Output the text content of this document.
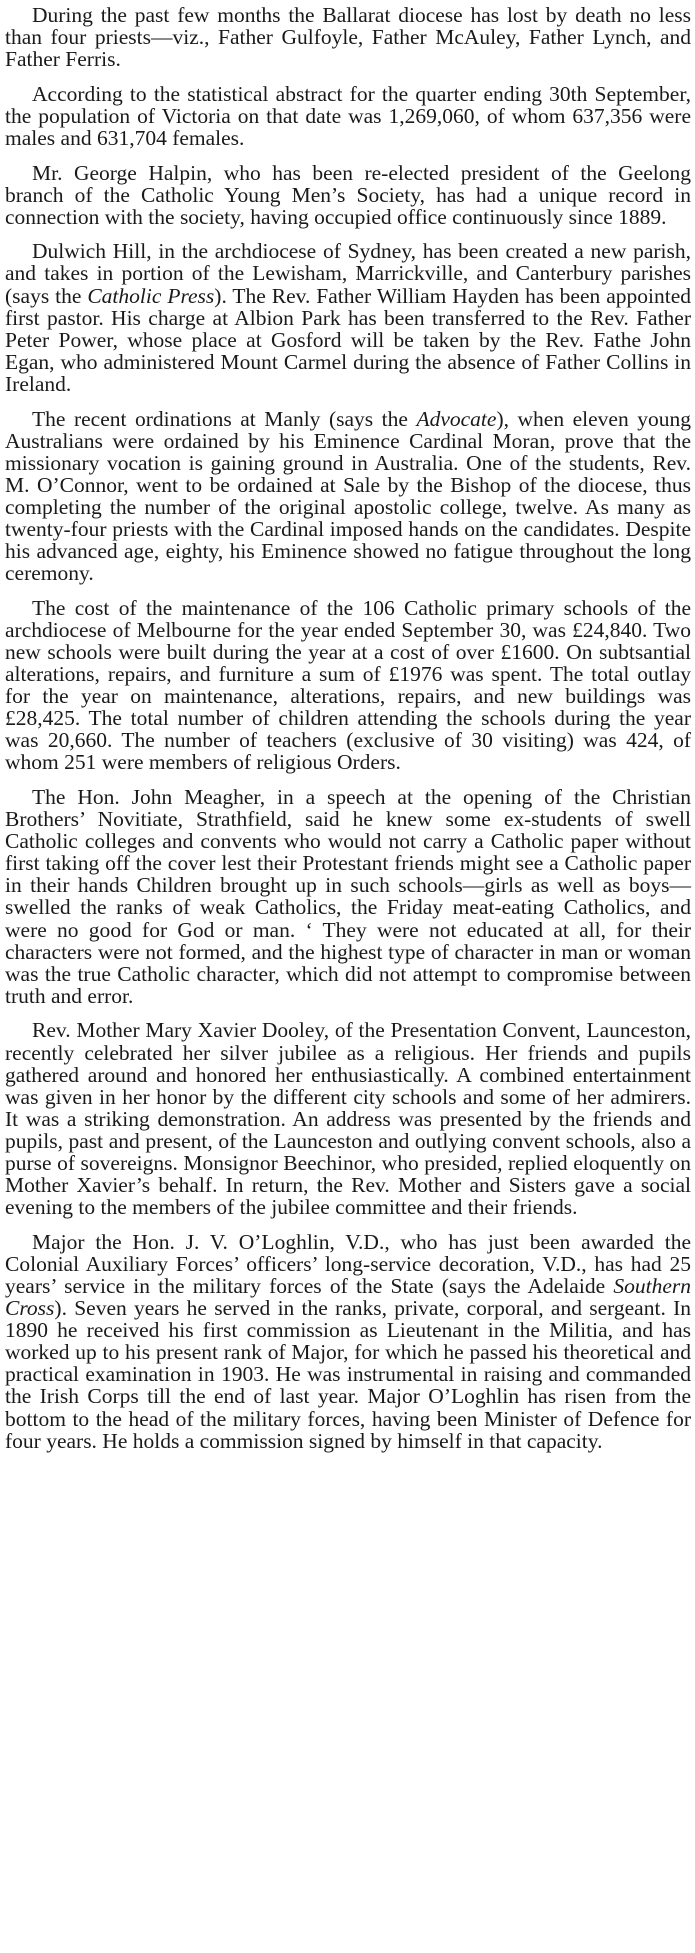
During the past few months the Ballarat diocese has lost by death no less than four priests—viz., Father Gulfoyle, Father McAuley, Father Lynch, and Father Ferris.

According to the statistical abstract for the quarter ending 30th September, the population of Victoria on that date was 1,269,060, of whom 637,356 were males and 631,704 females.

Mr. George Halpin, who has been re-elected president of the Geelong branch of the Catholic Young Men’s Society, has had a unique record in connection with the society, having occupied office continuously since 1889.

Dulwich Hill, in the archdiocese of Sydney, has been created a new parish, and takes in portion of the Lewisham, Marrickville, and Canterbury parishes (says the Catholic Press). The Rev. Father William Hayden has been appointed first pastor. His charge at Albion Park has been transferred to the Rev. Father Peter Power, whose place at Gosford will be taken by the Rev. Fathe John Egan, who administered Mount Carmel during the absence of Father Collins in Ireland.

The recent ordinations at Manly (says the Advocate), when eleven young Australians were ordained by his Eminence Cardinal Moran, prove that the missionary vocation is gaining ground in Australia. One of the students, Rev. M. O’Connor, went to be ordained at Sale by the Bishop of the diocese, thus completing the number of the original apostolic college, twelve. As many as twenty-four priests with the Cardinal imposed hands on the candidates. Despite his advanced age, eighty, his Eminence showed no fatigue throughout the long ceremony.

The cost of the maintenance of the 106 Catholic primary schools of the archdiocese of Melbourne for the year ended September 30, was £24,840. Two new schools were built during the year at a cost of over £1600. On subtsantial alterations, repairs, and furniture a sum of £1976 was spent. The total outlay for the year on maintenance, alterations, repairs, and new buildings was £28,425. The total number of children attending the schools during the year was 20,660. The number of teachers (exclusive of 30 visiting) was 424, of whom 251 were members of religious Orders.

The Hon. John Meagher, in a speech at the opening of the Christian Brothers’ Novitiate, Strathfield, said he knew some ex-students of swell Catholic colleges and convents who would not carry a Catholic paper without first taking off the cover lest their Protestant friends might see a Catholic paper in their hands Children brought up in such schools—girls as well as boys—swelled the ranks of weak Catholics, the Friday meat-eating Catholics, and were no good for God or man. ‘ They were not educated at all, for their characters were not formed, and the highest type of character in man or woman was the true Catholic character, which did not attempt to compromise between truth and error.

Rev. Mother Mary Xavier Dooley, of the Presentation Convent, Launceston, recently celebrated her silver jubilee as a religious. Her friends and pupils gathered around and honored her enthusiastically. A combined entertainment was given in her honor by the different city schools and some of her admirers. It was a striking demonstration. An address was presented by the friends and pupils, past and present, of the Launceston and outlying convent schools, also a purse of sovereigns. Monsignor Beechinor, who presided, replied eloquently on Mother Xavier’s behalf. In return, the Rev. Mother and Sisters gave a social evening to the members of the jubilee committee and their friends.

Major the Hon. J. V. O’Loghlin, V.D., who has just been awarded the Colonial Auxiliary Forces’ officers’ long-service decoration, V.D., has had 25 years’ service in the military forces of the State (says the Adelaide Southern Cross). Seven years he served in the ranks, private, corporal, and sergeant. In 1890 he received his first commission as Lieutenant in the Militia, and has worked up to his present rank of Major, for which he passed his theoretical and practical examination in 1903. He was instrumental in raising and commanded the Irish Corps till the end of last year. Major O’Loghlin has risen from the bottom to the head of the military forces, having been Minister of Defence for four years. He holds a commission signed by himself in that capacity.
